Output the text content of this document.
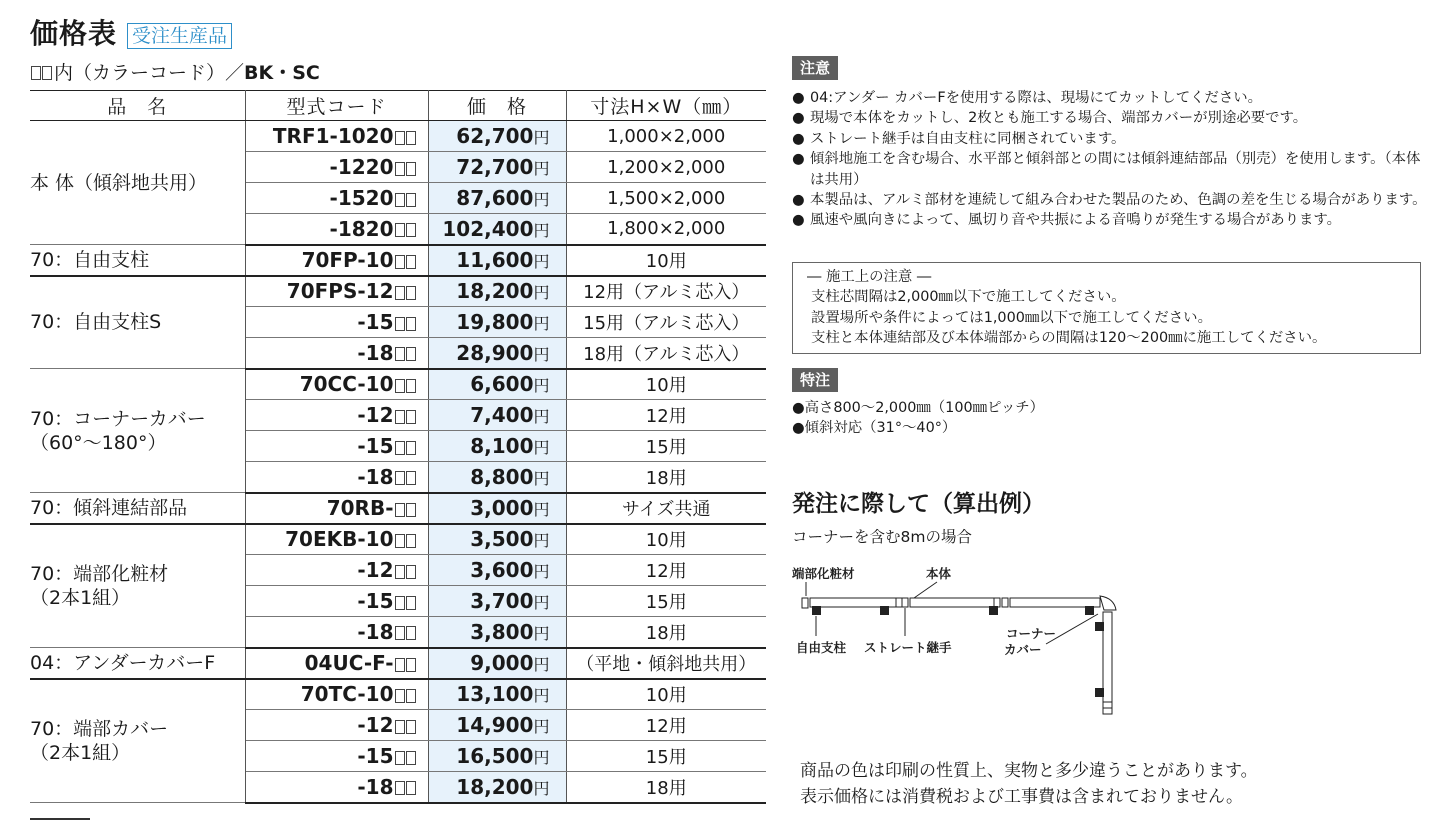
価格表 受注生産品
内（カラーコード）／ BK・SC
品　名	型式コード	価　格	寸法H×W（㎜）
本 体（傾斜地共用）	TRF1-1020	62,700円	1,000×2,000
	-1220	72,700円	1,200×2,000
	-1520	87,600円	1,500×2,000
	-1820	102,400円	1,800×2,000
70：自由支柱	70FP-10	11,600円	10用
70：自由支柱S	70FPS-12	18,200円	12用（アルミ芯入）
	-15	19,800円	15用（アルミ芯入）
	-18	28,900円	18用（アルミ芯入）
70：コーナーカバー
（60°～180°）	70CC-10	6,600円	10用
	-12	7,400円	12用
	-15	8,100円	15用
	-18	8,800円	18用
70：傾斜連結部品	70RB-	3,000円	サイズ共通
70：端部化粧材
（2本1組）	70EKB-10	3,500円	10用
	-12	3,600円	12用
	-15	3,700円	15用
	-18	3,800円	18用
04：アンダーカバーF	04UC-F-	9,000円	（平地・傾斜地共用）
70：端部カバー
（2本1組）	70TC-10	13,100円	10用
	-12	14,900円	12用
	-15	16,500円	15用
	-18	18,200円	18用
注意
● 04:アンダー カバーFを使用する際は、現場にてカットしてください。
● 現場で本体をカットし、2枚とも施工する場合、端部カバーが別途必要です。
● ストレート継手は自由支柱に同梱されています。
● 傾斜地施工を含む場合、水平部と傾斜部との間には傾斜連結部品（別売）を使用します。（本体は共用）
● 本製品は、アルミ部材を連続して組み合わせた製品のため、色調の差を生じる場合があります。
● 風速や風向きによって、風切り音や共振による音鳴りが発生する場合があります。
― 施工上の注意 ―
支柱芯間隔は2,000㎜以下で施工してください。
設置場所や条件によっては1,000㎜以下で施工してください。
支柱と本体連結部及び本体端部からの間隔は120～200㎜に施工してください。
特注
● 高さ800～2,000㎜（100㎜ピッチ）
● 傾斜対応（31°～40°）
発注に際して（算出例）
コーナーを含む8mの場合
端部化粧材	本体
自由支柱 ストレート継手
コーナー
カバー
商品の色は印刷の性質上、実物と多少違うことがあります。
表示価格には消費税および工事費は含まれておりません。
